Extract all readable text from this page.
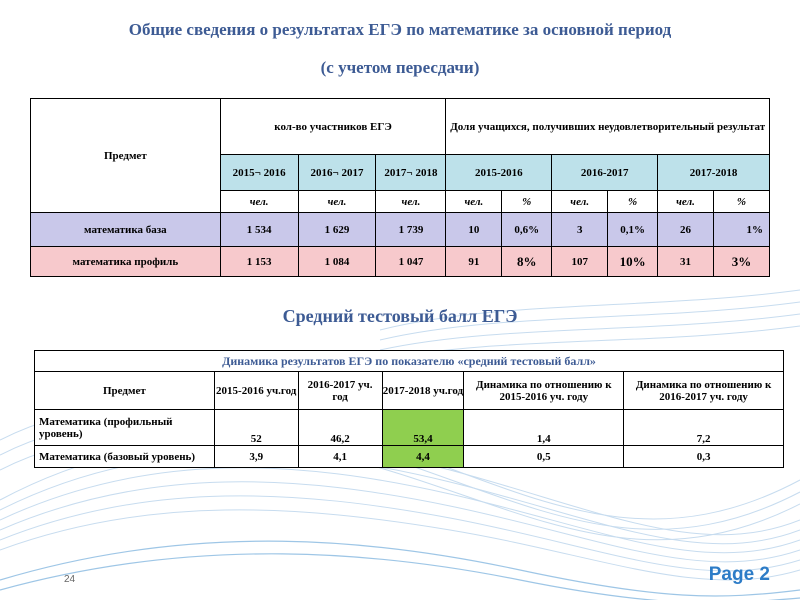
Общие сведения о результатах ЕГЭ по математике за основной период
(с учетом пересдачи)
Предмет	кол-во участников ЕГЭ			Доля учащихся, получивших неудовлетворительный результат					
	2015¬ 2016	2016¬ 2017	2017¬ 2018	2015-2016		2016-2017		2017-2018	
	чел.	чел.	чел.	чел.	%	чел.	%	чел.	%
математика база	1 534	1 629	1 739	10	0,6%	3	0,1%	26	1%
математика профиль	1 153	1 084	1 047	91	8%	107	10%	31	3%
Средний тестовый балл ЕГЭ
Динамика результатов ЕГЭ по показателю «средний тестовый балл»					
Предмет	2015-2016 уч.год	2016-2017 уч. год	2017-2018 уч.год	Динамика по отношению к 2015-2016 уч. году	Динамика по отношению к 2016-2017 уч. году
Математика (профильный уровень)	52	46,2	53,4	1,4	7,2
Математика (базовый уровень)	3,9	4,1	4,4	0,5	0,3
24	Page 2
